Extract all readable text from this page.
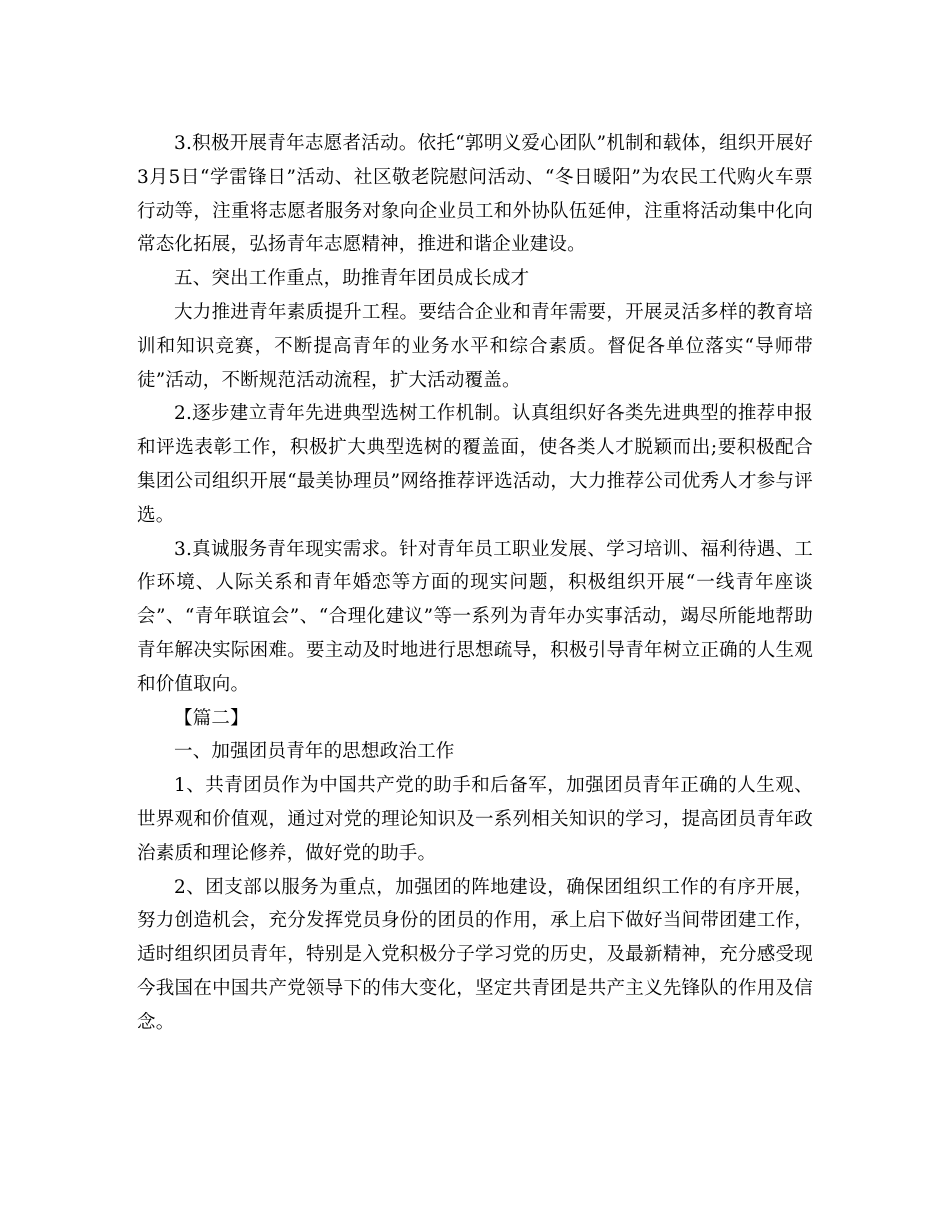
3.积极开展青年志愿者活动。依托“郭明义爱心团队”机制和载体，组织开展好3月5日“学雷锋日”活动、社区敬老院慰问活动、“冬日暖阳”为农民工代购火车票行动等，注重将志愿者服务对象向企业员工和外协队伍延伸，注重将活动集中化向常态化拓展，弘扬青年志愿精神，推进和谐企业建设。

五、突出工作重点，助推青年团员成长成才

大力推进青年素质提升工程。要结合企业和青年需要，开展灵活多样的教育培训和知识竞赛，不断提高青年的业务水平和综合素质。督促各单位落实“导师带徒”活动，不断规范活动流程，扩大活动覆盖。

2.逐步建立青年先进典型选树工作机制。认真组织好各类先进典型的推荐申报和评选表彰工作，积极扩大典型选树的覆盖面，使各类人才脱颖而出;要积极配合集团公司组织开展“最美协理员”网络推荐评选活动，大力推荐公司优秀人才参与评选。

3.真诚服务青年现实需求。针对青年员工职业发展、学习培训、福利待遇、工作环境、人际关系和青年婚恋等方面的现实问题，积极组织开展“一线青年座谈会”、“青年联谊会”、“合理化建议”等一系列为青年办实事活动，竭尽所能地帮助青年解决实际困难。要主动及时地进行思想疏导，积极引导青年树立正确的人生观和价值取向。

【篇二】

一、加强团员青年的思想政治工作

1、共青团员作为中国共产党的助手和后备军，加强团员青年正确的人生观、世界观和价值观，通过对党的理论知识及一系列相关知识的学习，提高团员青年政治素质和理论修养，做好党的助手。

2、团支部以服务为重点，加强团的阵地建设，确保团组织工作的有序开展，努力创造机会，充分发挥党员身份的团员的作用，承上启下做好当间带团建工作，适时组织团员青年，特别是入党积极分子学习党的历史，及最新精神，充分感受现今我国在中国共产党领导下的伟大变化，坚定共青团是共产主义先锋队的作用及信念。
